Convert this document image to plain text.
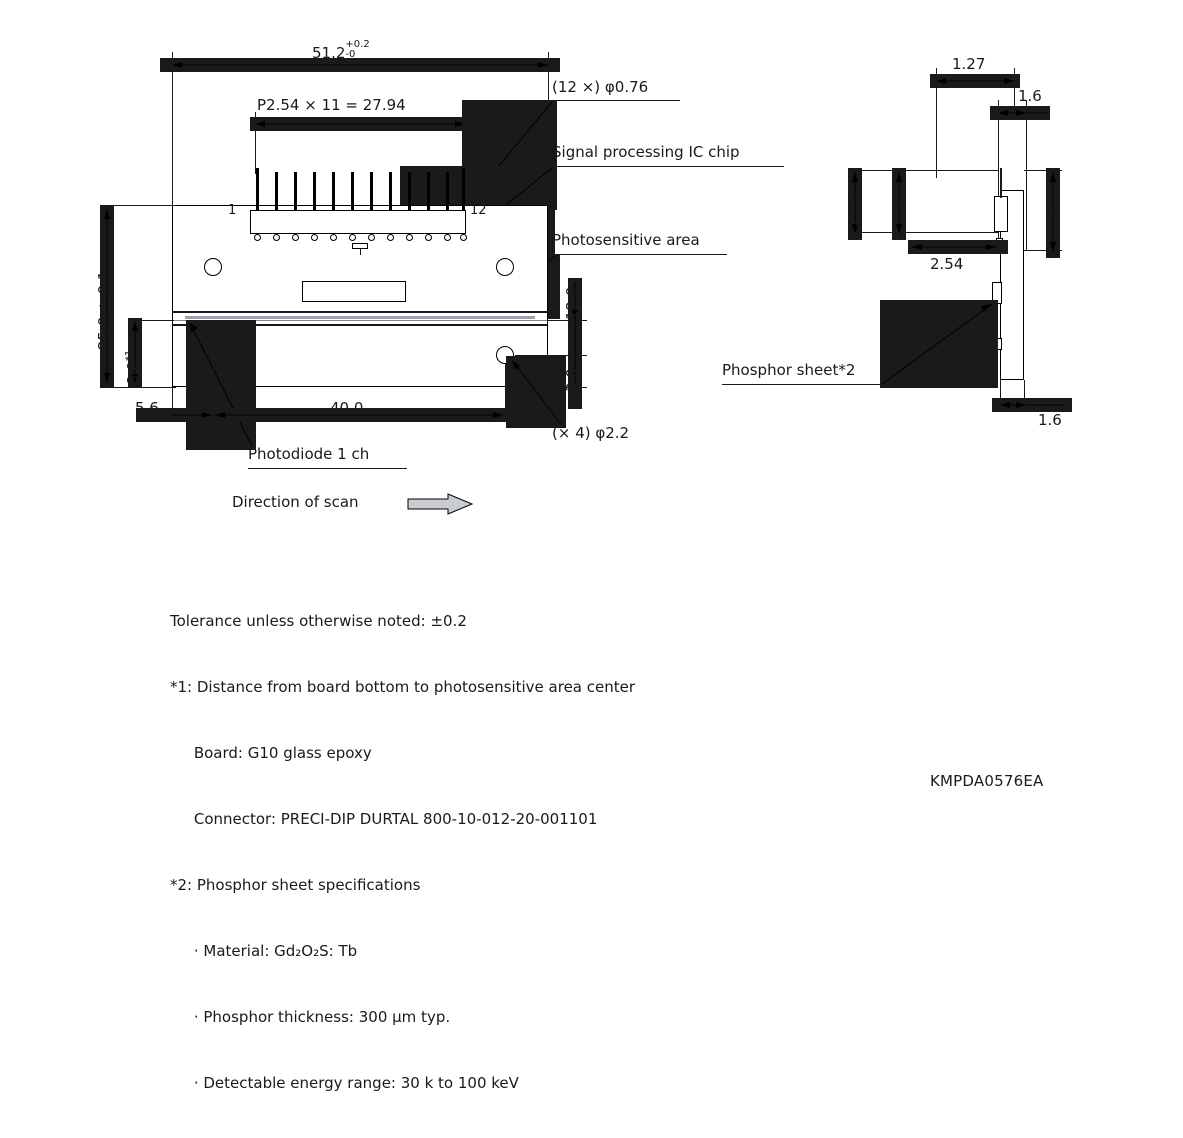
51.2+0.2
-0
P2.54 × 11 = 27.94
(12 ×) φ0.76
Signal processing IC chip
Photosensitive area
1	12
(× 4) φ2.2
Photodiode 1 ch
25.0 ± 0.1
8.0$^{*1}$
5.6	40.0
12.0
3.0
Direction of scan
1.27
1.6
2.95 5.0
2.54
5.0
1.6
Phosphor sheet*2

Tolerance unless otherwise noted: ±0.2

*1: Distance from board bottom to photosensitive area center

Board: G10 glass epoxy

Connector: PRECI-DIP DURTAL 800-10-012-20-001101

*2: Phosphor sheet specifications

· Material: Gd₂O₂S: Tb

· Phosphor thickness: 300 μm typ.

· Detectable energy range: 30 k to 100 keV

KMPDA0576EA
